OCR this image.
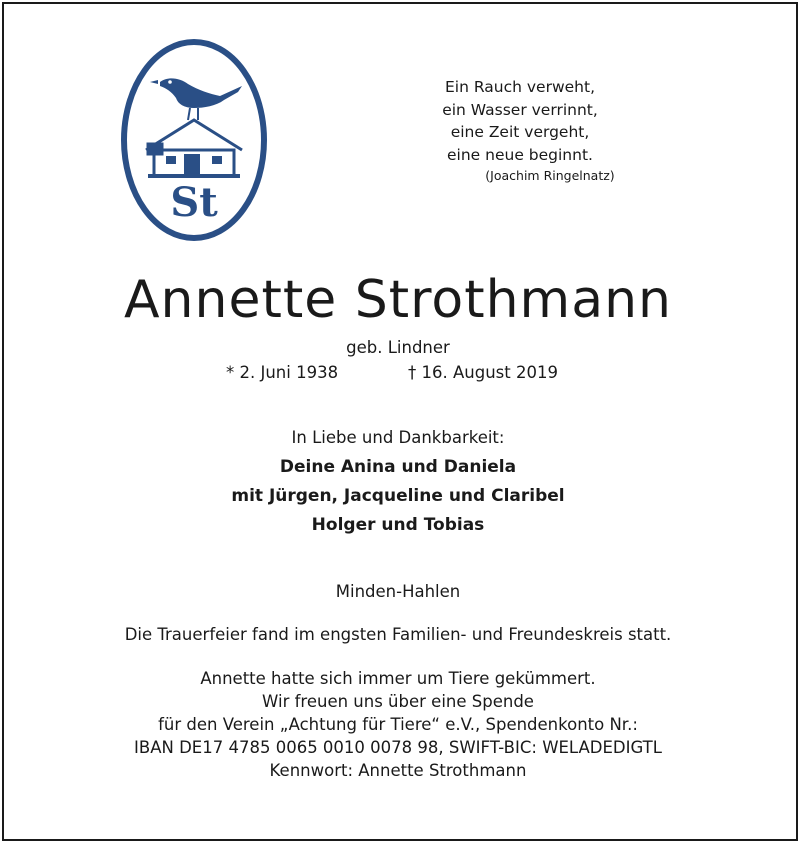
St
Ein Rauch verweht,
ein Wasser verrinnt,
eine Zeit vergeht,
eine neue beginnt.
(Joachim Ringelnatz)
Annette Strothmann
geb. Lindner
* 2. Juni 1938	† 16. August 2019
In Liebe und Dankbarkeit:
Deine Anina und Daniela
mit Jürgen, Jacqueline und Claribel
Holger und Tobias
Minden-Hahlen
Die Trauerfeier fand im engsten Familien- und Freundeskreis statt.
Annette hatte sich immer um Tiere gekümmert.
Wir freuen uns über eine Spende
für den Verein „Achtung für Tiere“ e.V., Spendenkonto Nr.:
IBAN DE17 4785 0065 0010 0078 98, SWIFT-BIC: WELADEDIGTL
Kennwort: Annette Strothmann
